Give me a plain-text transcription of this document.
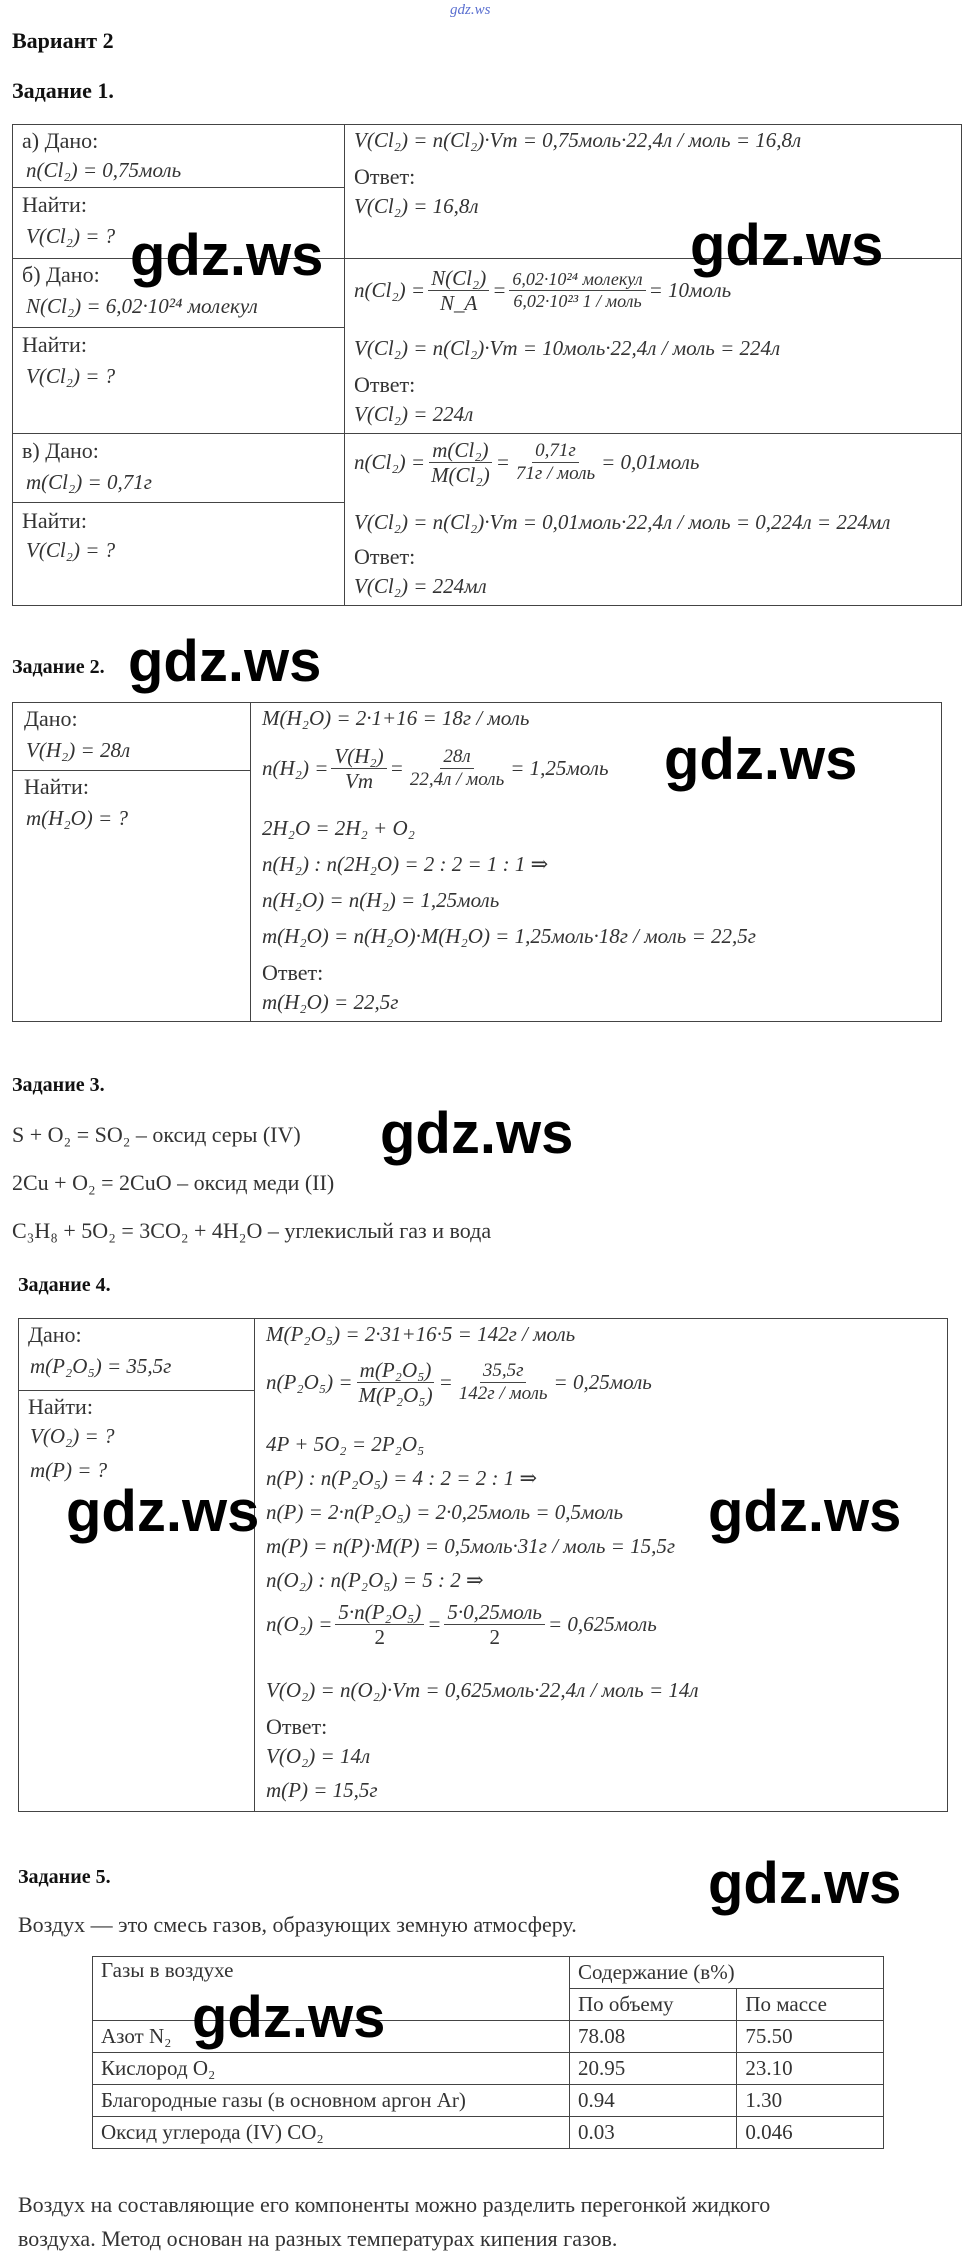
gdz.ws
Вариант 2
Задание 1.
а) Дано:
n(Cl₂) = 0,75моль
Найти:
V(Cl₂) = ?
V(Cl₂) = n(Cl₂)·Vm = 0,75моль·22,4л / моль = 16,8л
Ответ:
V(Cl₂) = 16,8л
б) Дано:
N(Cl₂) = 6,02·10²⁴ молекул
Найти:
V(Cl₂) = ?
$n(Cl_2) = \frac{\text{N(Cl₂)}}{N\_A} = \frac{\text{6,02·10²⁴ молекул}}{\text{6,02·10²³ 1 / моль}}$ = 10моль
V(Cl₂) = n(Cl₂)·Vm = 10моль·22,4л / моль = 224л
Ответ:
V(Cl₂) = 224л
в) Дано:
m(Cl₂) = 0,71г
Найти:
V(Cl₂) = ?
$n(Cl_2) = \frac{\text{m(Cl₂)}}{\text{M(Cl₂)}} = \frac{0,71г}{\text{71г / моль}}$ = 0,01моль
V(Cl₂) = n(Cl₂)·Vm = 0,01моль·22,4л / моль = 0,224л = 224мл
Ответ:
V(Cl₂) = 224мл
Задание 2.
Дано:
V(H₂) = 28л
Найти:
m(H₂O) = ?
M(H₂O) = 2·1+16 = 18г / моль
$n(H_2) = \frac{\text{V(H₂)}}{Vm} = \frac{28л}{\text{22,4л / моль}}$ = 1,25моль
2H₂O = 2H₂ + O₂
n(H₂) : n(2H₂O) = 2 : 2 = 1 : 1 ⇒
n(H₂O) = n(H₂) = 1,25моль
m(H₂O) = n(H₂O)·M(H₂O) = 1,25моль·18г / моль = 22,5г
Ответ:
m(H₂O) = 22,5г
Задание 3.
S + O₂ = SO₂ – оксид серы (IV)
2Cu + O₂ = 2CuO – оксид меди (II)
C₃H₈ + 5O₂ = 3CO₂ + 4H₂O – углекислый газ и вода
Задание 4.
Дано:
m(P₂O₅) = 35,5г
Найти:
V(O₂) = ?
m(P) = ?
M(P₂O₅) = 2·31+16·5 = 142г / моль
$n(P_2O_5) = \frac{\text{m(P₂O₅)}}{\text{M(P₂O₅)}} = \frac{35,5г}{\text{142г / моль}}$ = 0,25моль
4P + 5O₂ = 2P₂O₅
n(P) : n(P₂O₅) = 4 : 2 = 2 : 1 ⇒
n(P) = 2·n(P₂O₅) = 2·0,25моль = 0,5моль
m(P) = n(P)·M(P) = 0,5моль·31г / моль = 15,5г
n(O₂) : n(P₂O₅) = 5 : 2 ⇒
$n(O_2) = \frac{\text{5·n(P₂O₅)}}{2} = \frac{\text{5·0,25моль}}{2}$ = 0,625моль
V(O₂) = n(O₂)·Vm = 0,625моль·22,4л / моль = 14л
Ответ:
V(O₂) = 14л
m(P) = 15,5г
Задание 5.
Воздух — это смесь газов, образующих земную атмосферу.
Газы в воздухе	Содержание (в%)	
	По объему	По массе
Азот N₂	78.08	75.50
Кислород O₂	20.95	23.10
Благородные газы (в основном аргон Ar)	0.94	1.30
Оксид углерода (IV) CO₂	0.03	0.046
Воздух на составляющие его компоненты можно разделить перегонкой жидкого
воздуха. Метод основан на разных температурах кипения газов.
gdz.ws	gdz.ws
gdz.ws
gdz.ws
gdz.ws
gdz.ws	gdz.ws
gdz.ws
gdz.ws
